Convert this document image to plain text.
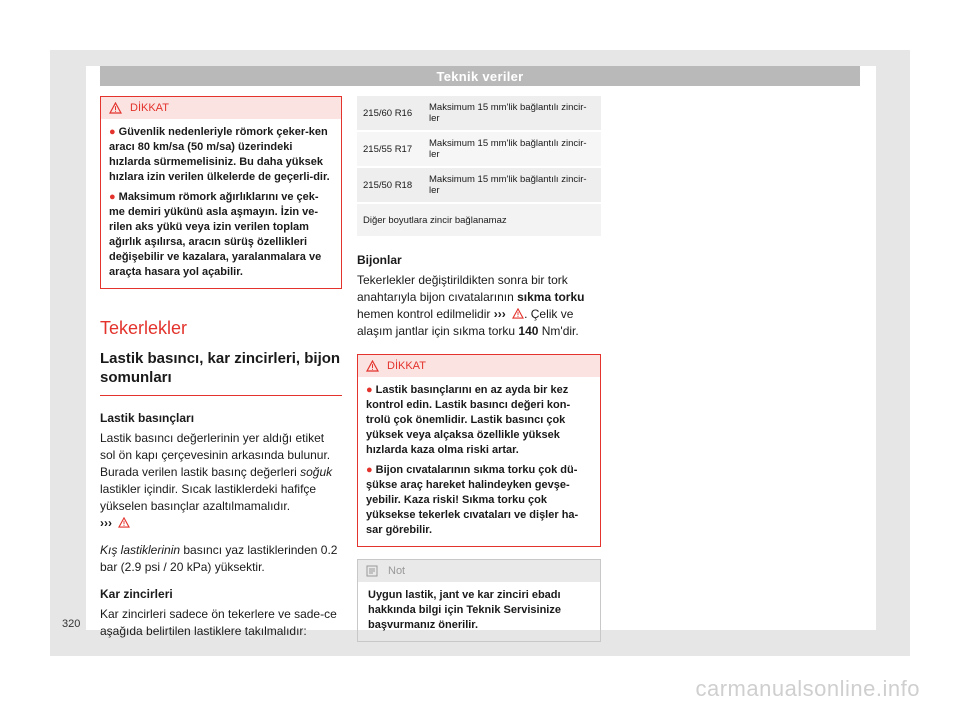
Teknik veriler
DİKKAT
● Güvenlik nedenleriyle römork çeker-ken aracı 80 km/sa (50 m/sa) üzerindeki hızlarda sürmemelisiniz. Bu daha yüksek hızlara izin verilen ülkelerde de geçerli-dir.
● Maksimum römork ağırlıklarını ve çek-me demiri yükünü asla aşmayın. İzin ve-rilen aks yükü veya izin verilen toplam ağırlık aşılırsa, aracın sürüş özellikleri değişebilir ve kazalara, yaralanmalara ve araçta hasara yol açabilir.
Tekerlekler
Lastik basıncı, kar zincirleri, bijon somunları
Lastik basınçları
Lastik basıncı değerlerinin yer aldığı etiket sol ön kapı çerçevesinin arkasında bulunur. Burada verilen lastik basınç değerleri soğuk lastikler içindir. Sıcak lastiklerdeki hafifçe yükselen basınçlar azaltılmamalıdır.
›››
Kış lastiklerinin basıncı yaz lastiklerinden 0.2 bar (2.9 psi / 20 kPa) yüksektir.
Kar zincirleri
Kar zincirleri sadece ön tekerlere ve sade-ce aşağıda belirtilen lastiklere takılmalıdır:
215/60 R16	Maksimum 15 mm'lik bağlantılı zincir-ler
215/55 R17	Maksimum 15 mm'lik bağlantılı zincir-ler
215/50 R18	Maksimum 15 mm'lik bağlantılı zincir-ler
Diğer boyutlara zincir bağlanamaz	
Bijonlar
Tekerlekler değiştirildikten sonra bir tork anahtarıyla bijon cıvatalarının sıkma torku hemen kontrol edilmelidir ››› . Çelik ve alaşım jantlar için sıkma torku 140 Nm'dir.
DİKKAT
● Lastik basınçlarını en az ayda bir kez kontrol edin. Lastik basıncı değeri kon-trolü çok önemlidir. Lastik basıncı çok yüksek veya alçaksa özellikle yüksek hızlarda kaza olma riski artar.
● Bijon cıvatalarının sıkma torku çok dü-şükse araç hareket halindeyken gevşe-yebilir. Kaza riski! Sıkma torku çok yüksekse tekerlek cıvataları ve dişler ha-sar görebilir.
Not
Uygun lastik, jant ve kar zinciri ebadı hakkında bilgi için Teknik Servisinize başvurmanız önerilir.
320
carmanualsonline.info
